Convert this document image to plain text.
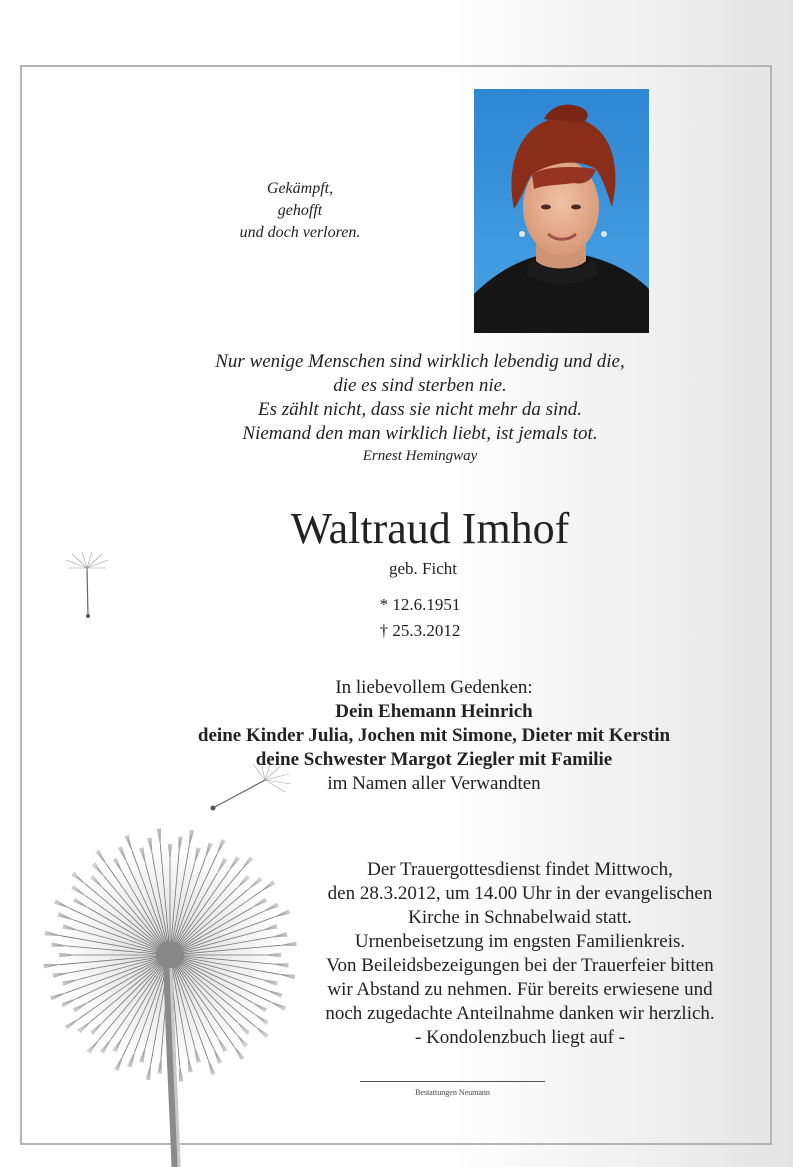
Gekämpft,
gehofft
und doch verloren.
Nur wenige Menschen sind wirklich lebendig und die,
die es sind sterben nie.
Es zählt nicht, dass sie nicht mehr da sind.
Niemand den man wirklich liebt, ist jemals tot.
Ernest Hemingway
Waltraud Imhof
geb. Ficht
* 12.6.1951
† 25.3.2012
In liebevollem Gedenken:
Dein Ehemann Heinrich
deine Kinder Julia, Jochen mit Simone, Dieter mit Kerstin
deine Schwester Margot Ziegler mit Familie
im Namen aller Verwandten
Der Trauergottesdienst findet Mittwoch,
den 28.3.2012, um 14.00 Uhr in der evangelischen
Kirche in Schnabelwaid statt.
Urnenbeisetzung im engsten Familienkreis.
Von Beileidsbezeigungen bei der Trauerfeier bitten
wir Abstand zu nehmen. Für bereits erwiesene und
noch zugedachte Anteilnahme danken wir herzlich.
- Kondolenzbuch liegt auf -
Bestattungen Neumann
